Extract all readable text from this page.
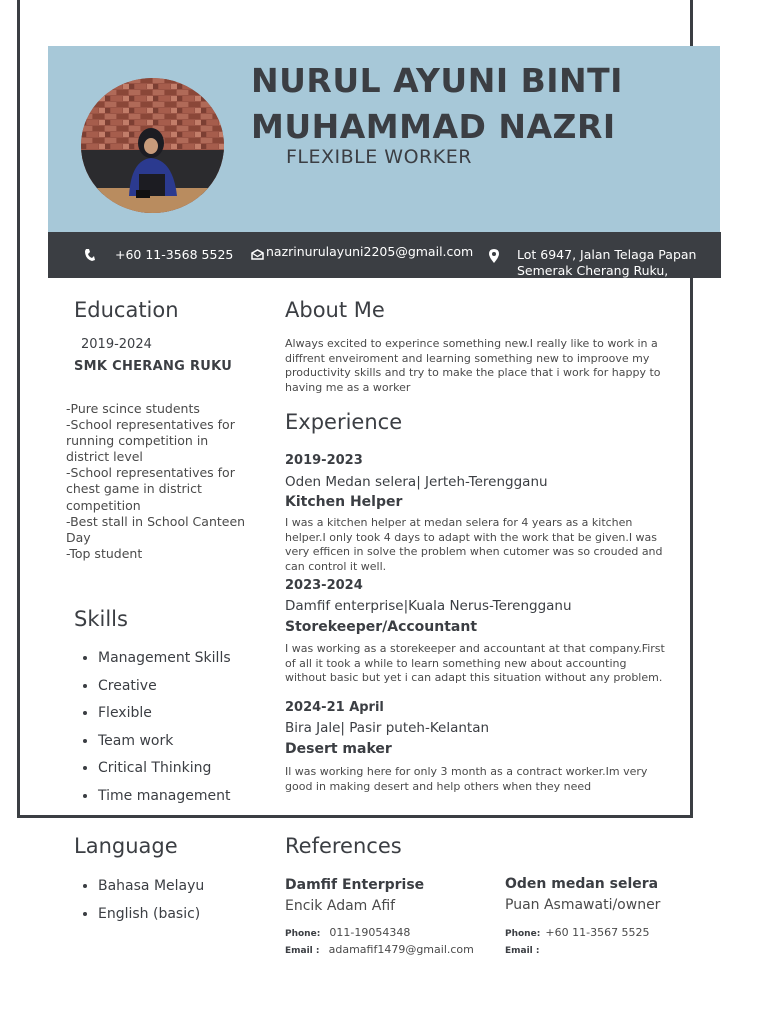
NURUL AYUNI BINTI
MUHAMMAD NAZRI
FLEXIBLE WORKER
+60 11-3568 5525	nazrinurulayuni2205@gmail.com	Lot 6947, Jalan Telaga Papan
Semerak Cherang Ruku,
Education
2019-2024
SMK CHERANG RUKU
-Pure scince students
-School representatives for
running competition in
district level
-School representatives for
chest game in district
competition
-Best stall in School Canteen
Day
-Top student
Skills
• Management Skills
• Creative
• Flexible
• Team work
• Critical Thinking
• Time management
Language
• Bahasa Melayu
• English (basic)
About Me
Always excited to experince something new.I really like to work in a
diffrent enveiroment and learning something new to improove my
productivity skills and try to make the place that i work for happy to
having me as a worker
Experience
2019-2023
Oden Medan selera| Jerteh-Terengganu
Kitchen Helper
I was a kitchen helper at medan selera for 4 years as a kitchen
helper.I only took 4 days to adapt with the work that be given.I was
very efficen in solve the problem when cutomer was so crouded and
can control it well.
2023-2024
Damfif enterprise|Kuala Nerus-Terengganu
Storekeeper/Accountant
I was working as a storekeeper and accountant at that company.First
of all it took a while to learn something new about accounting
without basic but yet i can adapt this situation without any problem.
2024-21 April
Bira Jale| Pasir puteh-Kelantan
Desert maker
Il was working here for only 3 month as a contract worker.Im very
good in making desert and help others when they need
References
Damfif Enterprise
Encik Adam Afif
Phone: 011-19054348
Email : adamafif1479@gmail.com
Oden medan selera
Puan Asmawati/owner
Phone: +60 11-3567 5525
Email :
